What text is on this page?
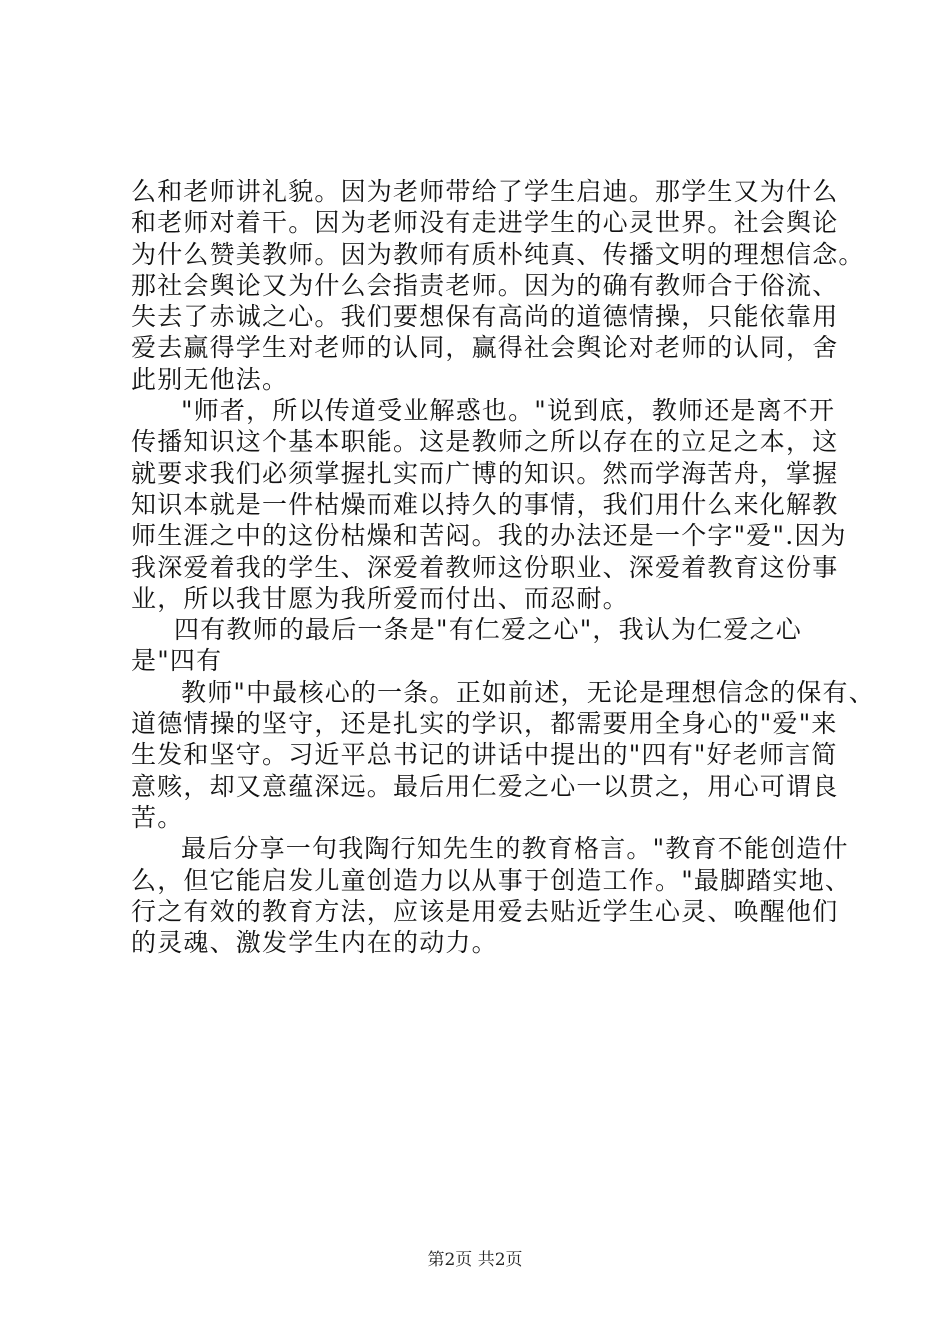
么和老师讲礼貌。因为老师带给了学生启迪。那学生又为什么
和老师对着干。因为老师没有走进学生的心灵世界。社会舆论
为什么赞美教师。因为教师有质朴纯真、传播文明的理想信念。
那社会舆论又为什么会指责老师。因为的确有教师合于俗流、
失去了赤诚之心。我们要想保有高尚的道德情操，只能依靠用
爱去赢得学生对老师的认同，赢得社会舆论对老师的认同，舍
此别无他法。
"师者，所以传道受业解惑也。"说到底，教师还是离不开
传播知识这个基本职能。这是教师之所以存在的立足之本，这
就要求我们必须掌握扎实而广博的知识。然而学海苦舟，掌握
知识本就是一件枯燥而难以持久的事情，我们用什么来化解教
师生涯之中的这份枯燥和苦闷。我的办法还是一个字"爱".因为
我深爱着我的学生、深爱着教师这份职业、深爱着教育这份事
业，所以我甘愿为我所爱而付出、而忍耐。
四有教师的最后一条是"有仁爱之心"，我认为仁爱之心
是"四有
教师"中最核心的一条。正如前述，无论是理想信念的保有、
道德情操的坚守，还是扎实的学识，都需要用全身心的"爱"来
生发和坚守。习近平总书记的讲话中提出的"四有"好老师言简
意赅，却又意蕴深远。最后用仁爱之心一以贯之，用心可谓良
苦。
最后分享一句我陶行知先生的教育格言。"教育不能创造什
么，但它能启发儿童创造力以从事于创造工作。"最脚踏实地、
行之有效的教育方法，应该是用爱去贴近学生心灵、唤醒他们
的灵魂、激发学生内在的动力。
第2页 共2页
